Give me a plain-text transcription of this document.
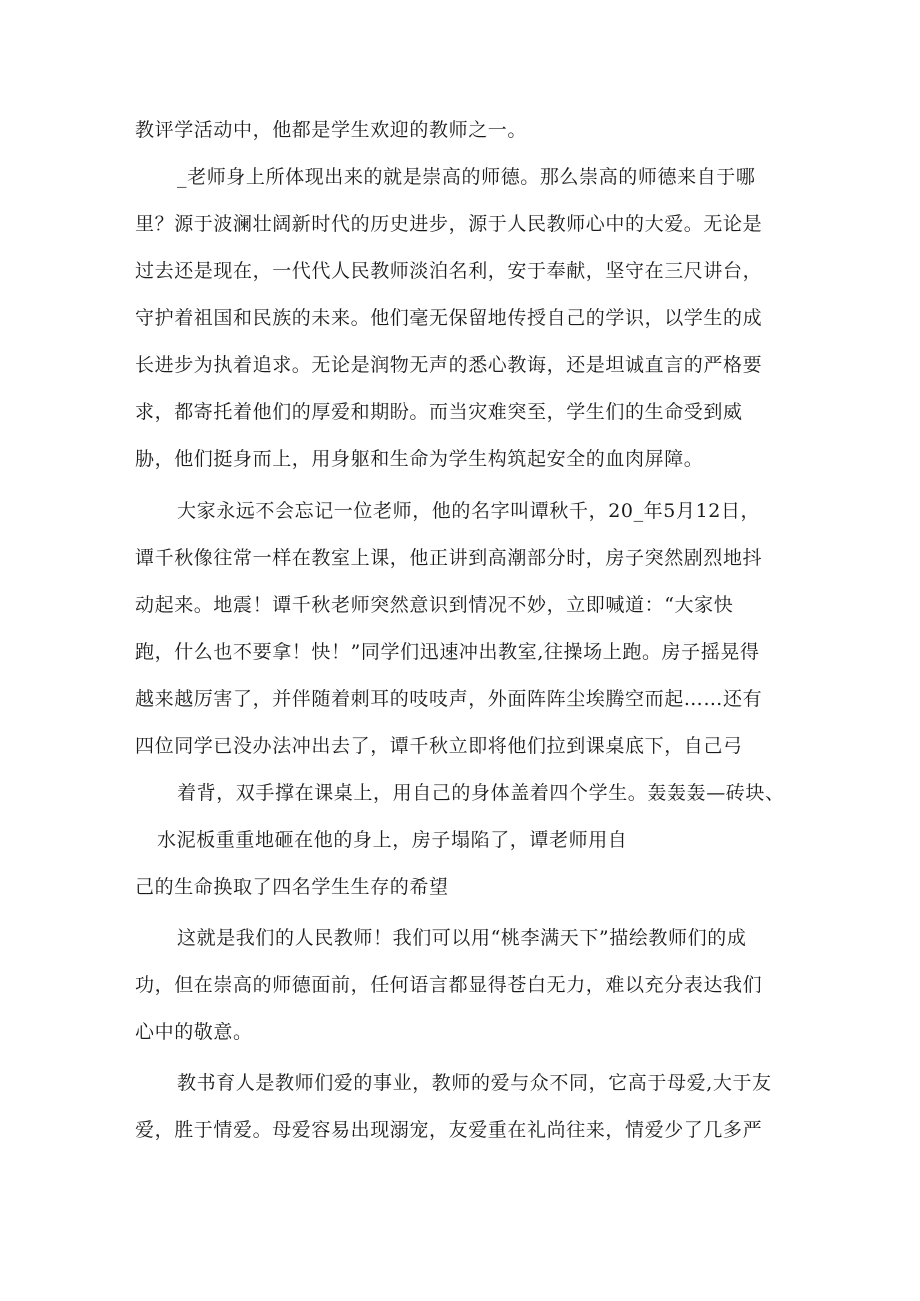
教评学活动中，他都是学生欢迎的教师之一。
_老师身上所体现出来的就是崇高的师德。那么崇高的师德来自于哪
里？源于波澜壮阔新时代的历史进步，源于人民教师心中的大爱。无论是
过去还是现在，一代代人民教师淡泊名利，安于奉献，坚守在三尺讲台，
守护着祖国和民族的未来。他们毫无保留地传授自己的学识，以学生的成
长进步为执着追求。无论是润物无声的悉心教诲，还是坦诚直言的严格要
求，都寄托着他们的厚爱和期盼。而当灾难突至，学生们的生命受到威
胁，他们挺身而上，用身躯和生命为学生构筑起安全的血肉屏障。
大家永远不会忘记一位老师，他的名字叫谭秋千，20_年5月12日，
谭千秋像往常一样在教室上课，他正讲到高潮部分时，房子突然剧烈地抖
动起来。地震！谭千秋老师突然意识到情况不妙，立即喊道：“大家快
跑，什么也不要拿！快！”同学们迅速冲出教室,往操场上跑。房子摇晃得
越来越厉害了，并伴随着刺耳的吱吱声，外面阵阵尘埃腾空而起……还有
四位同学已没办法冲出去了，谭千秋立即将他们拉到课桌底下，自己弓
着背，双手撑在课桌上，用自己的身体盖着四个学生。轰轰轰—砖块、
水泥板重重地砸在他的身上，房子塌陷了，谭老师用自
己的生命换取了四名学生生存的希望
这就是我们的人民教师！我们可以用“桃李满天下”描绘教师们的成
功，但在崇高的师德面前，任何语言都显得苍白无力，难以充分表达我们
心中的敬意。
教书育人是教师们爱的事业，教师的爱与众不同，它高于母爱,大于友
爱，胜于情爱。母爱容易出现溺宠，友爱重在礼尚往来，情爱少了几多严
